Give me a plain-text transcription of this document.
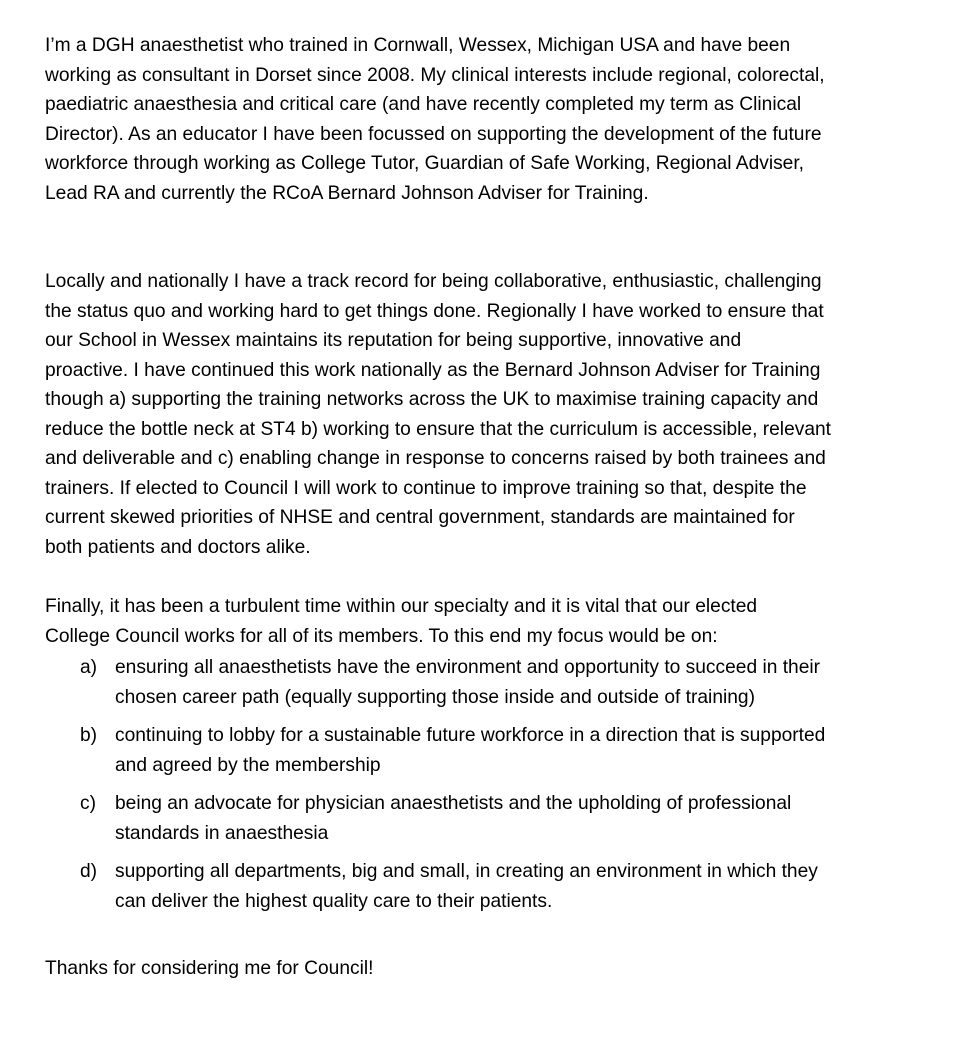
I’m a DGH anaesthetist who trained in Cornwall, Wessex, Michigan USA and have been
working as consultant in Dorset since 2008. My clinical interests include regional, colorectal,
paediatric anaesthesia and critical care (and have recently completed my term as Clinical
Director). As an educator I have been focussed on supporting the development of the future
workforce through working as College Tutor, Guardian of Safe Working, Regional Adviser,
Lead RA and currently the RCoA Bernard Johnson Adviser for Training.

Locally and nationally I have a track record for being collaborative, enthusiastic, challenging
the status quo and working hard to get things done. Regionally I have worked to ensure that
our School in Wessex maintains its reputation for being supportive, innovative and
proactive. I have continued this work nationally as the Bernard Johnson Adviser for Training
though a) supporting the training networks across the UK to maximise training capacity and
reduce the bottle neck at ST4 b) working to ensure that the curriculum is accessible, relevant
and deliverable and c) enabling change in response to concerns raised by both trainees and
trainers. If elected to Council I will work to continue to improve training so that, despite the
current skewed priorities of NHSE and central government, standards are maintained for
both patients and doctors alike.

Finally, it has been a turbulent time within our specialty and it is vital that our elected
College Council works for all of its members. To this end my focus would be on:

a) ensuring all anaesthetists have the environment and opportunity to succeed in their
chosen career path (equally supporting those inside and outside of training)
b) continuing to lobby for a sustainable future workforce in a direction that is supported
and agreed by the membership
c) being an advocate for physician anaesthetists and the upholding of professional
standards in anaesthesia
d) supporting all departments, big and small, in creating an environment in which they
can deliver the highest quality care to their patients.

Thanks for considering me for Council!
